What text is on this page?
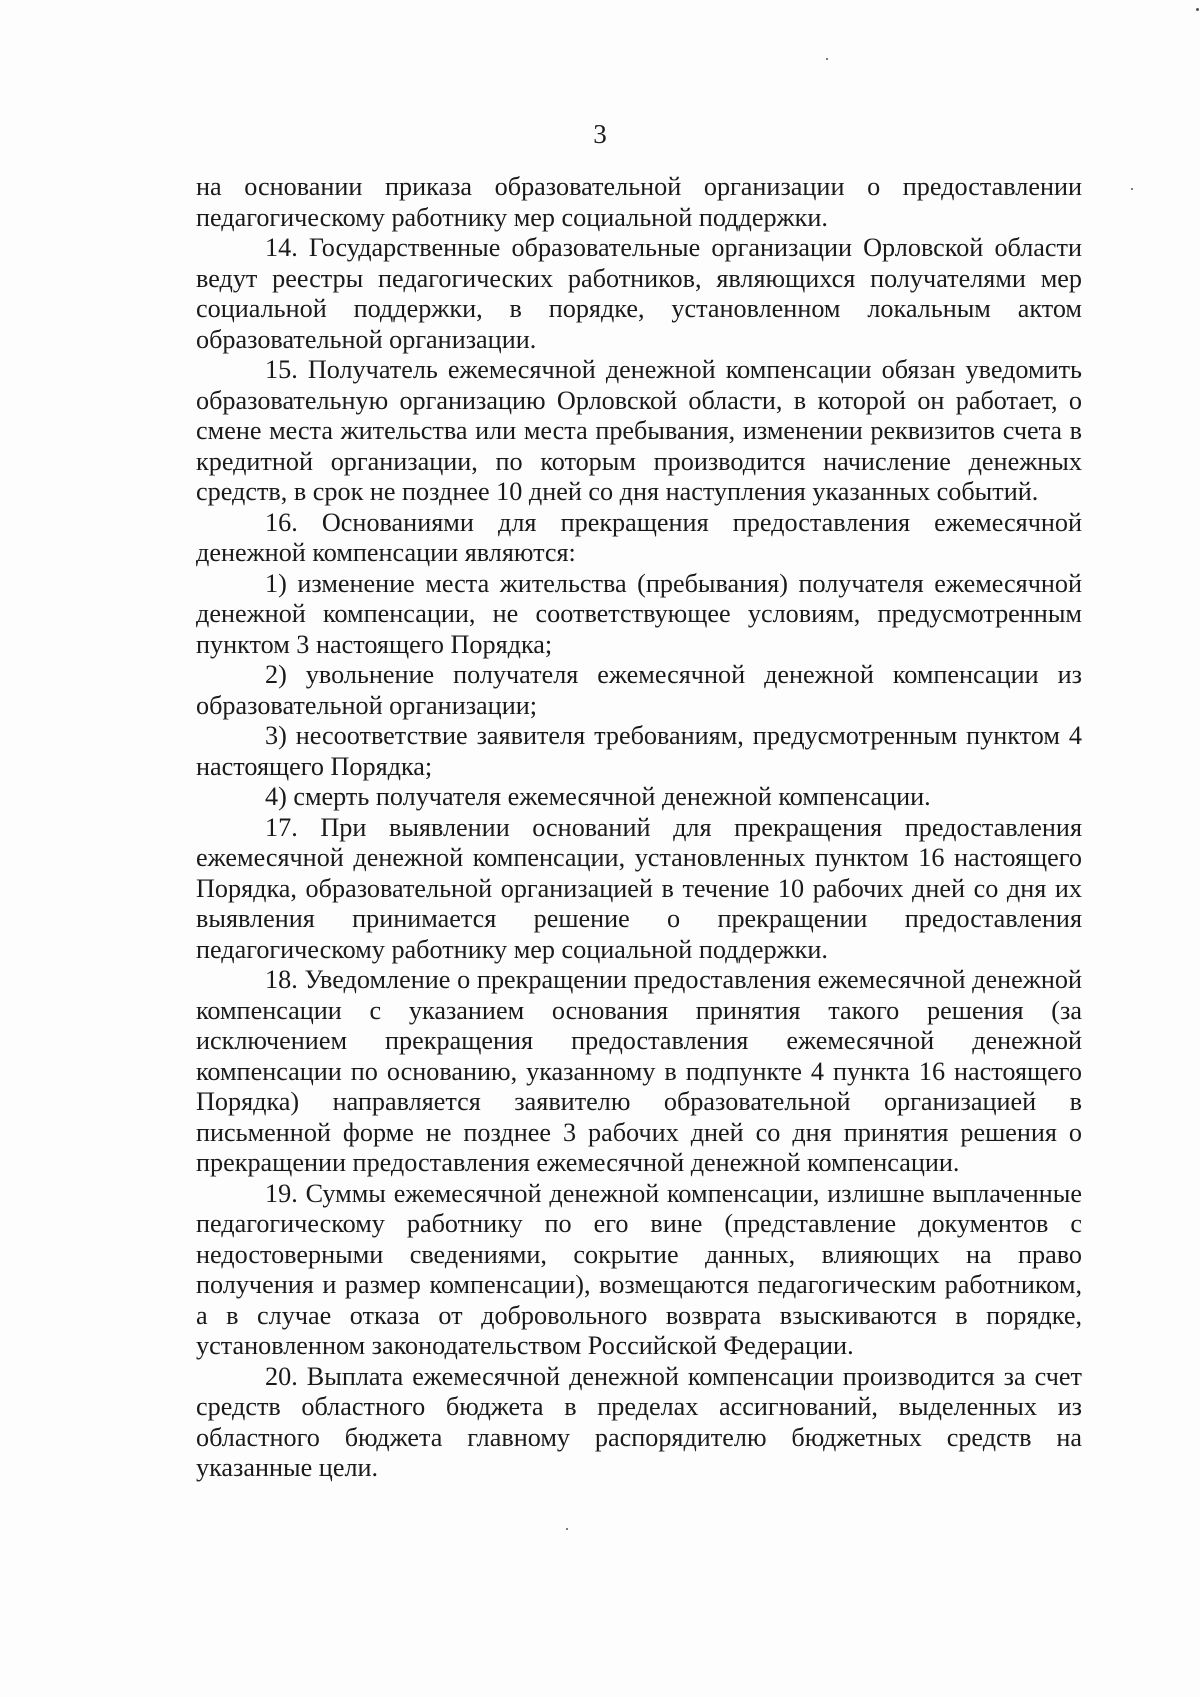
3

на основании приказа образовательной организации о предоставлении педагогическому работнику мер социальной поддержки.

14. Государственные образовательные организации Орловской области ведут реестры педагогических работников, являющихся получателями мер социальной поддержки, в порядке, установленном локальным актом образовательной организации.

15. Получатель ежемесячной денежной компенсации обязан уведомить образовательную организацию Орловской области, в которой он работает, о смене места жительства или места пребывания, изменении реквизитов счета в кредитной организации, по которым производится начисление денежных средств, в срок не позднее 10 дней со дня наступления указанных событий.

16. Основаниями для прекращения предоставления ежемесячной денежной компенсации являются:

1) изменение места жительства (пребывания) получателя ежемесячной денежной компенсации, не соответствующее условиям, предусмотренным пунктом 3 настоящего Порядка;

2) увольнение получателя ежемесячной денежной компенсации из образовательной организации;

3) несоответствие заявителя требованиям, предусмотренным пунктом 4 настоящего Порядка;

4) смерть получателя ежемесячной денежной компенсации.

17. При выявлении оснований для прекращения предоставления ежемесячной денежной компенсации, установленных пунктом 16 настоящего Порядка, образовательной организацией в течение 10 рабочих дней со дня их выявления принимается решение о прекращении предоставления педагогическому работнику мер социальной поддержки.

18. Уведомление о прекращении предоставления ежемесячной денежной компенсации с указанием основания принятия такого решения (за исключением прекращения предоставления ежемесячной денежной компенсации по основанию, указанному в подпункте 4 пункта 16 настоящего Порядка) направляется заявителю образовательной организацией в письменной форме не позднее 3 рабочих дней со дня принятия решения о прекращении предоставления ежемесячной денежной компенсации.

19. Суммы ежемесячной денежной компенсации, излишне выплаченные педагогическому работнику по его вине (представление документов с недостоверными сведениями, сокрытие данных, влияющих на право получения и размер компенсации), возмещаются педагогическим работником, а в случае отказа от добровольного возврата взыскиваются в порядке, установленном законодательством Российской Федерации.

20. Выплата ежемесячной денежной компенсации производится за счет средств областного бюджета в пределах ассигнований, выделенных из областного бюджета главному распорядителю бюджетных средств на указанные цели.
